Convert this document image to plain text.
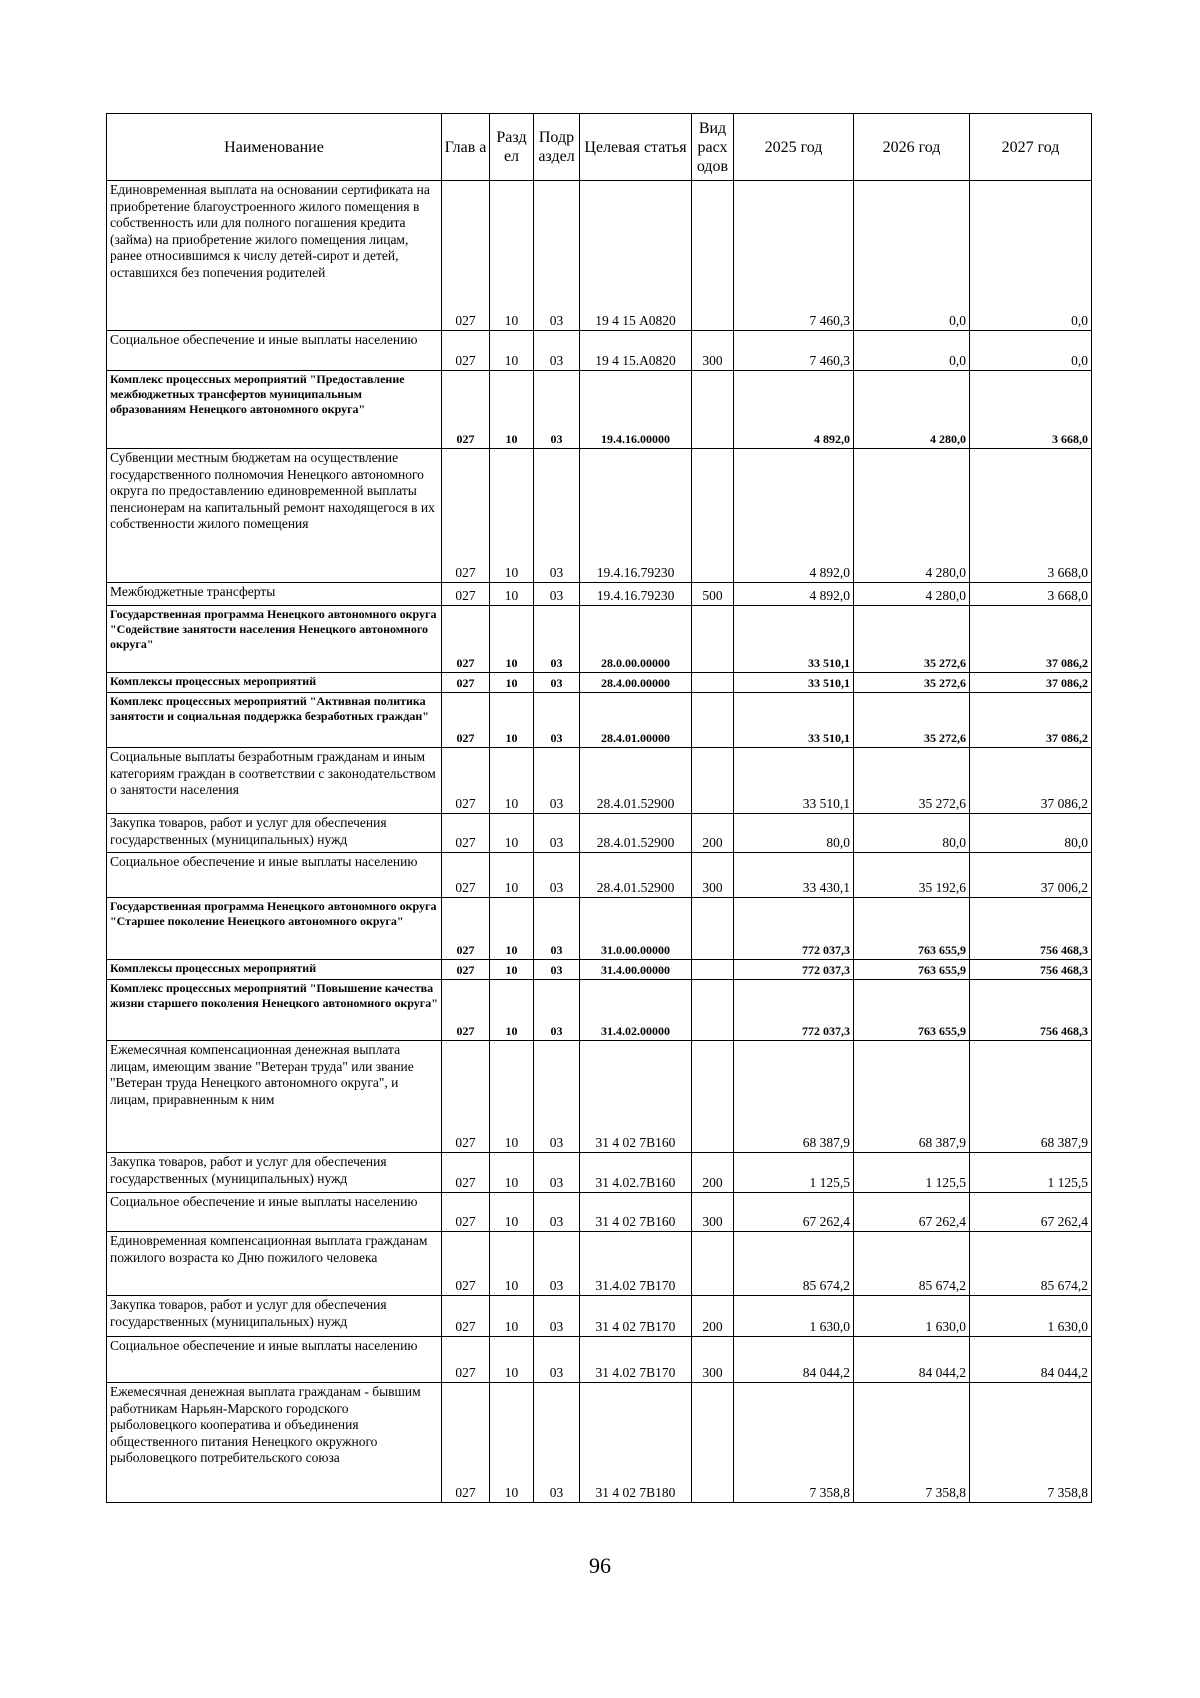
Наименование	Глав а	Разд ел	Подр аздел	Целевая статья	Вид расх одов	2025 год	2026 год	2027 год
Единовременная выплата на основании сертификата на приобретение благоустроенного жилого помещения в собственность или для полного погашения кредита (займа) на приобретение жилого помещения лицам, ранее относившимся к числу детей-сирот и детей, оставшихся без попечения родителей	027	10	03	19 4 15 А0820		7 460,3	0,0	0,0
Социальное обеспечение и иные выплаты населению	027	10	03	19 4 15.А0820	300	7 460,3	0,0	0,0
Комплекс процессных мероприятий "Предоставление межбюджетных трансфертов муниципальным образованиям Ненецкого автономного округа"	027	10	03	19.4.16.00000		4 892,0	4 280,0	3 668,0
Субвенции местным бюджетам на осуществление государственного полномочия Ненецкого автономного округа по предоставлению единовременной выплаты пенсионерам на капитальный ремонт находящегося в их собственности жилого помещения	027	10	03	19.4.16.79230		4 892,0	4 280,0	3 668,0
Межбюджетные трансферты	027	10	03	19.4.16.79230	500	4 892,0	4 280,0	3 668,0
Государственная программа Ненецкого автономного округа "Содействие занятости населения Ненецкого автономного округа"	027	10	03	28.0.00.00000		33 510,1	35 272,6	37 086,2
Комплексы процессных мероприятий	027	10	03	28.4.00.00000		33 510,1	35 272,6	37 086,2
Комплекс процессных мероприятий "Активная политика занятости и социальная поддержка безработных граждан"	027	10	03	28.4.01.00000		33 510,1	35 272,6	37 086,2
Социальные выплаты безработным гражданам и иным категориям граждан в соответствии с законодательством о занятости населения	027	10	03	28.4.01.52900		33 510,1	35 272,6	37 086,2
Закупка товаров, работ и услуг для обеспечения государственных (муниципальных) нужд	027	10	03	28.4.01.52900	200	80,0	80,0	80,0
Социальное обеспечение и иные выплаты населению	027	10	03	28.4.01.52900	300	33 430,1	35 192,6	37 006,2
Государственная программа Ненецкого автономного округа "Старшее поколение Ненецкого автономного округа"	027	10	03	31.0.00.00000		772 037,3	763 655,9	756 468,3
Комплексы процессных мероприятий	027	10	03	31.4.00.00000		772 037,3	763 655,9	756 468,3
Комплекс процессных мероприятий "Повышение качества жизни старшего поколения Ненецкого автономного округа"	027	10	03	31.4.02.00000		772 037,3	763 655,9	756 468,3
Ежемесячная компенсационная денежная выплата лицам, имеющим звание "Ветеран труда" или звание "Ветеран труда Ненецкого автономного округа", и лицам, приравненным к ним	027	10	03	31 4 02 7В160		68 387,9	68 387,9	68 387,9
Закупка товаров, работ и услуг для обеспечения государственных (муниципальных) нужд	027	10	03	31 4.02.7В160	200	1 125,5	1 125,5	1 125,5
Социальное обеспечение и иные выплаты населению	027	10	03	31 4 02 7В160	300	67 262,4	67 262,4	67 262,4
Единовременная компенсационная выплата гражданам пожилого возраста ко Дню пожилого человека	027	10	03	31.4.02 7В170		85 674,2	85 674,2	85 674,2
Закупка товаров, работ и услуг для обеспечения государственных (муниципальных) нужд	027	10	03	31 4 02 7В170	200	1 630,0	1 630,0	1 630,0
Социальное обеспечение и иные выплаты населению	027	10	03	31 4.02 7В170	300	84 044,2	84 044,2	84 044,2
Ежемесячная денежная выплата гражданам - бывшим работникам Нарьян-Марского городского рыболовецкого кооператива и объединения общественного питания Ненецкого окружного рыболовецкого потребительского союза	027	10	03	31 4 02 7В180		7 358,8	7 358,8	7 358,8
96
